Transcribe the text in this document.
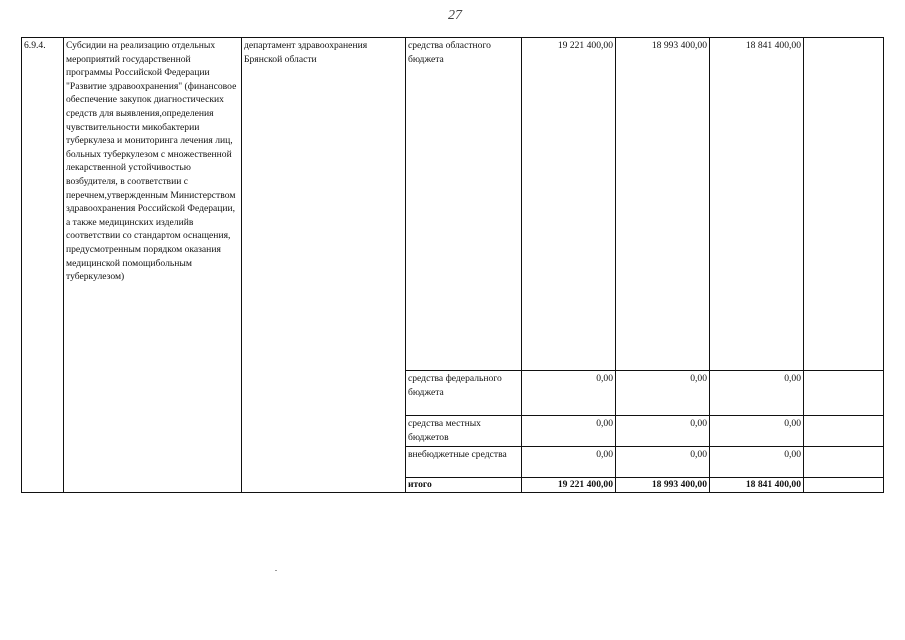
27
6.9.4.	Субсидии на реализацию отдельных мероприятий государственной программы Российской Федерации "Развитие здравоохранения" (финансовое обеспечение закупок диагностических средств для выявления,определения чувствительности микобактерии туберкулеза и мониторинга лечения лиц, больных туберкулезом с множественной лекарственной устойчивостью возбудителя, в соответствии с перечнем,утвержденным Министерством здравоохранения Российской Федерации, а также медицинских изделийв соответствии со стандартом оснащения, предусмотренным порядком оказания медицинской помощибольным туберкулезом)	департамент здравоохранения Брянской области	средства областного бюджета	19 221 400,00	18 993 400,00	18 841 400,00	
			средства федерального бюджета	0,00	0,00	0,00	
			средства местных бюджетов	0,00	0,00	0,00	
			внебюджетные средства	0,00	0,00	0,00	
			итого	19 221 400,00	18 993 400,00	18 841 400,00	
